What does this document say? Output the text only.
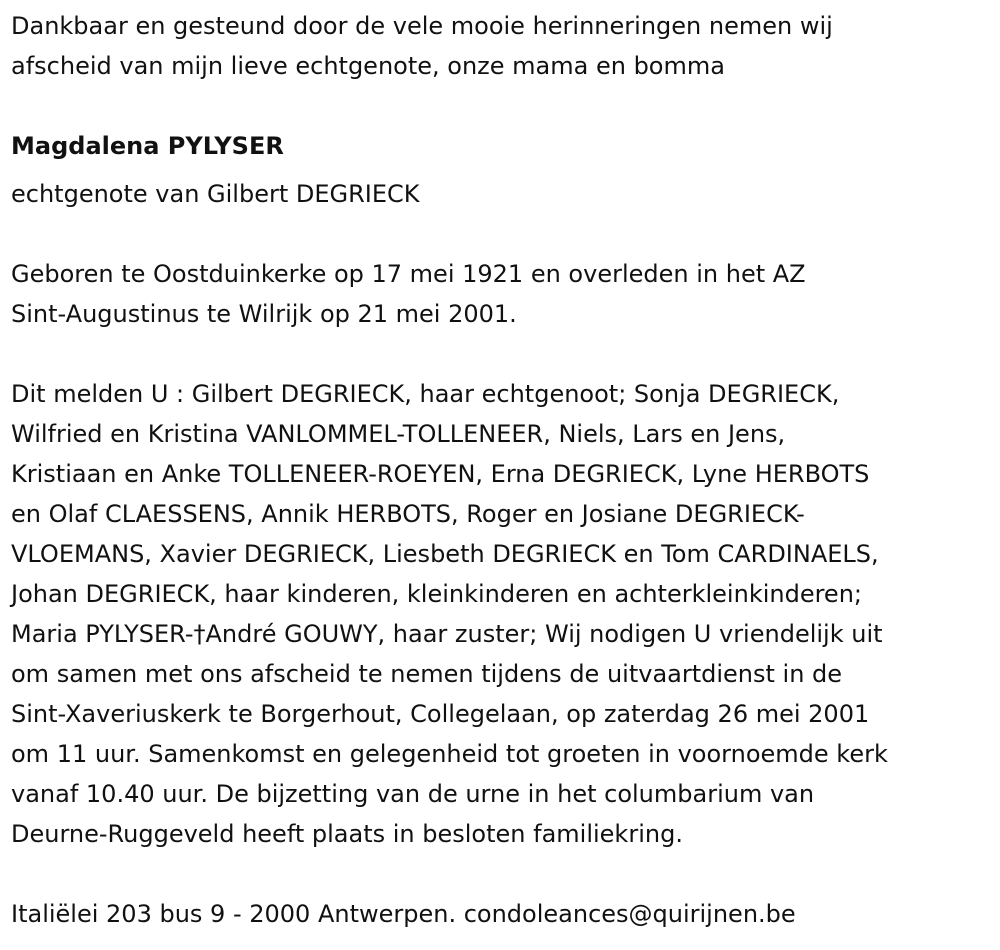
Dankbaar en gesteund door de vele mooie herinneringen nemen wij
afscheid van mijn lieve echtgenote, onze mama en bomma

Magdalena PYLYSER

echtgenote van Gilbert DEGRIECK

Geboren te Oostduinkerke op 17 mei 1921 en overleden in het AZ
Sint-Augustinus te Wilrijk op 21 mei 2001.

Dit melden U : Gilbert DEGRIECK, haar echtgenoot; Sonja DEGRIECK,
Wilfried en Kristina VANLOMMEL-TOLLENEER, Niels, Lars en Jens,
Kristiaan en Anke TOLLENEER-ROEYEN, Erna DEGRIECK, Lyne HERBOTS
en Olaf CLAESSENS, Annik HERBOTS, Roger en Josiane DEGRIECK-
VLOEMANS, Xavier DEGRIECK, Liesbeth DEGRIECK en Tom CARDINAELS,
Johan DEGRIECK, haar kinderen, kleinkinderen en achterkleinkinderen;
Maria PYLYSER-†André GOUWY, haar zuster; Wij nodigen U vriendelijk uit
om samen met ons afscheid te nemen tijdens de uitvaartdienst in de
Sint-Xaveriuskerk te Borgerhout, Collegelaan, op zaterdag 26 mei 2001
om 11 uur. Samenkomst en gelegenheid tot groeten in voornoemde kerk
vanaf 10.40 uur. De bijzetting van de urne in het columbarium van
Deurne-Ruggeveld heeft plaats in besloten familiekring.

Italiëlei 203 bus 9 - 2000 Antwerpen. condoleances@quirijnen.be
